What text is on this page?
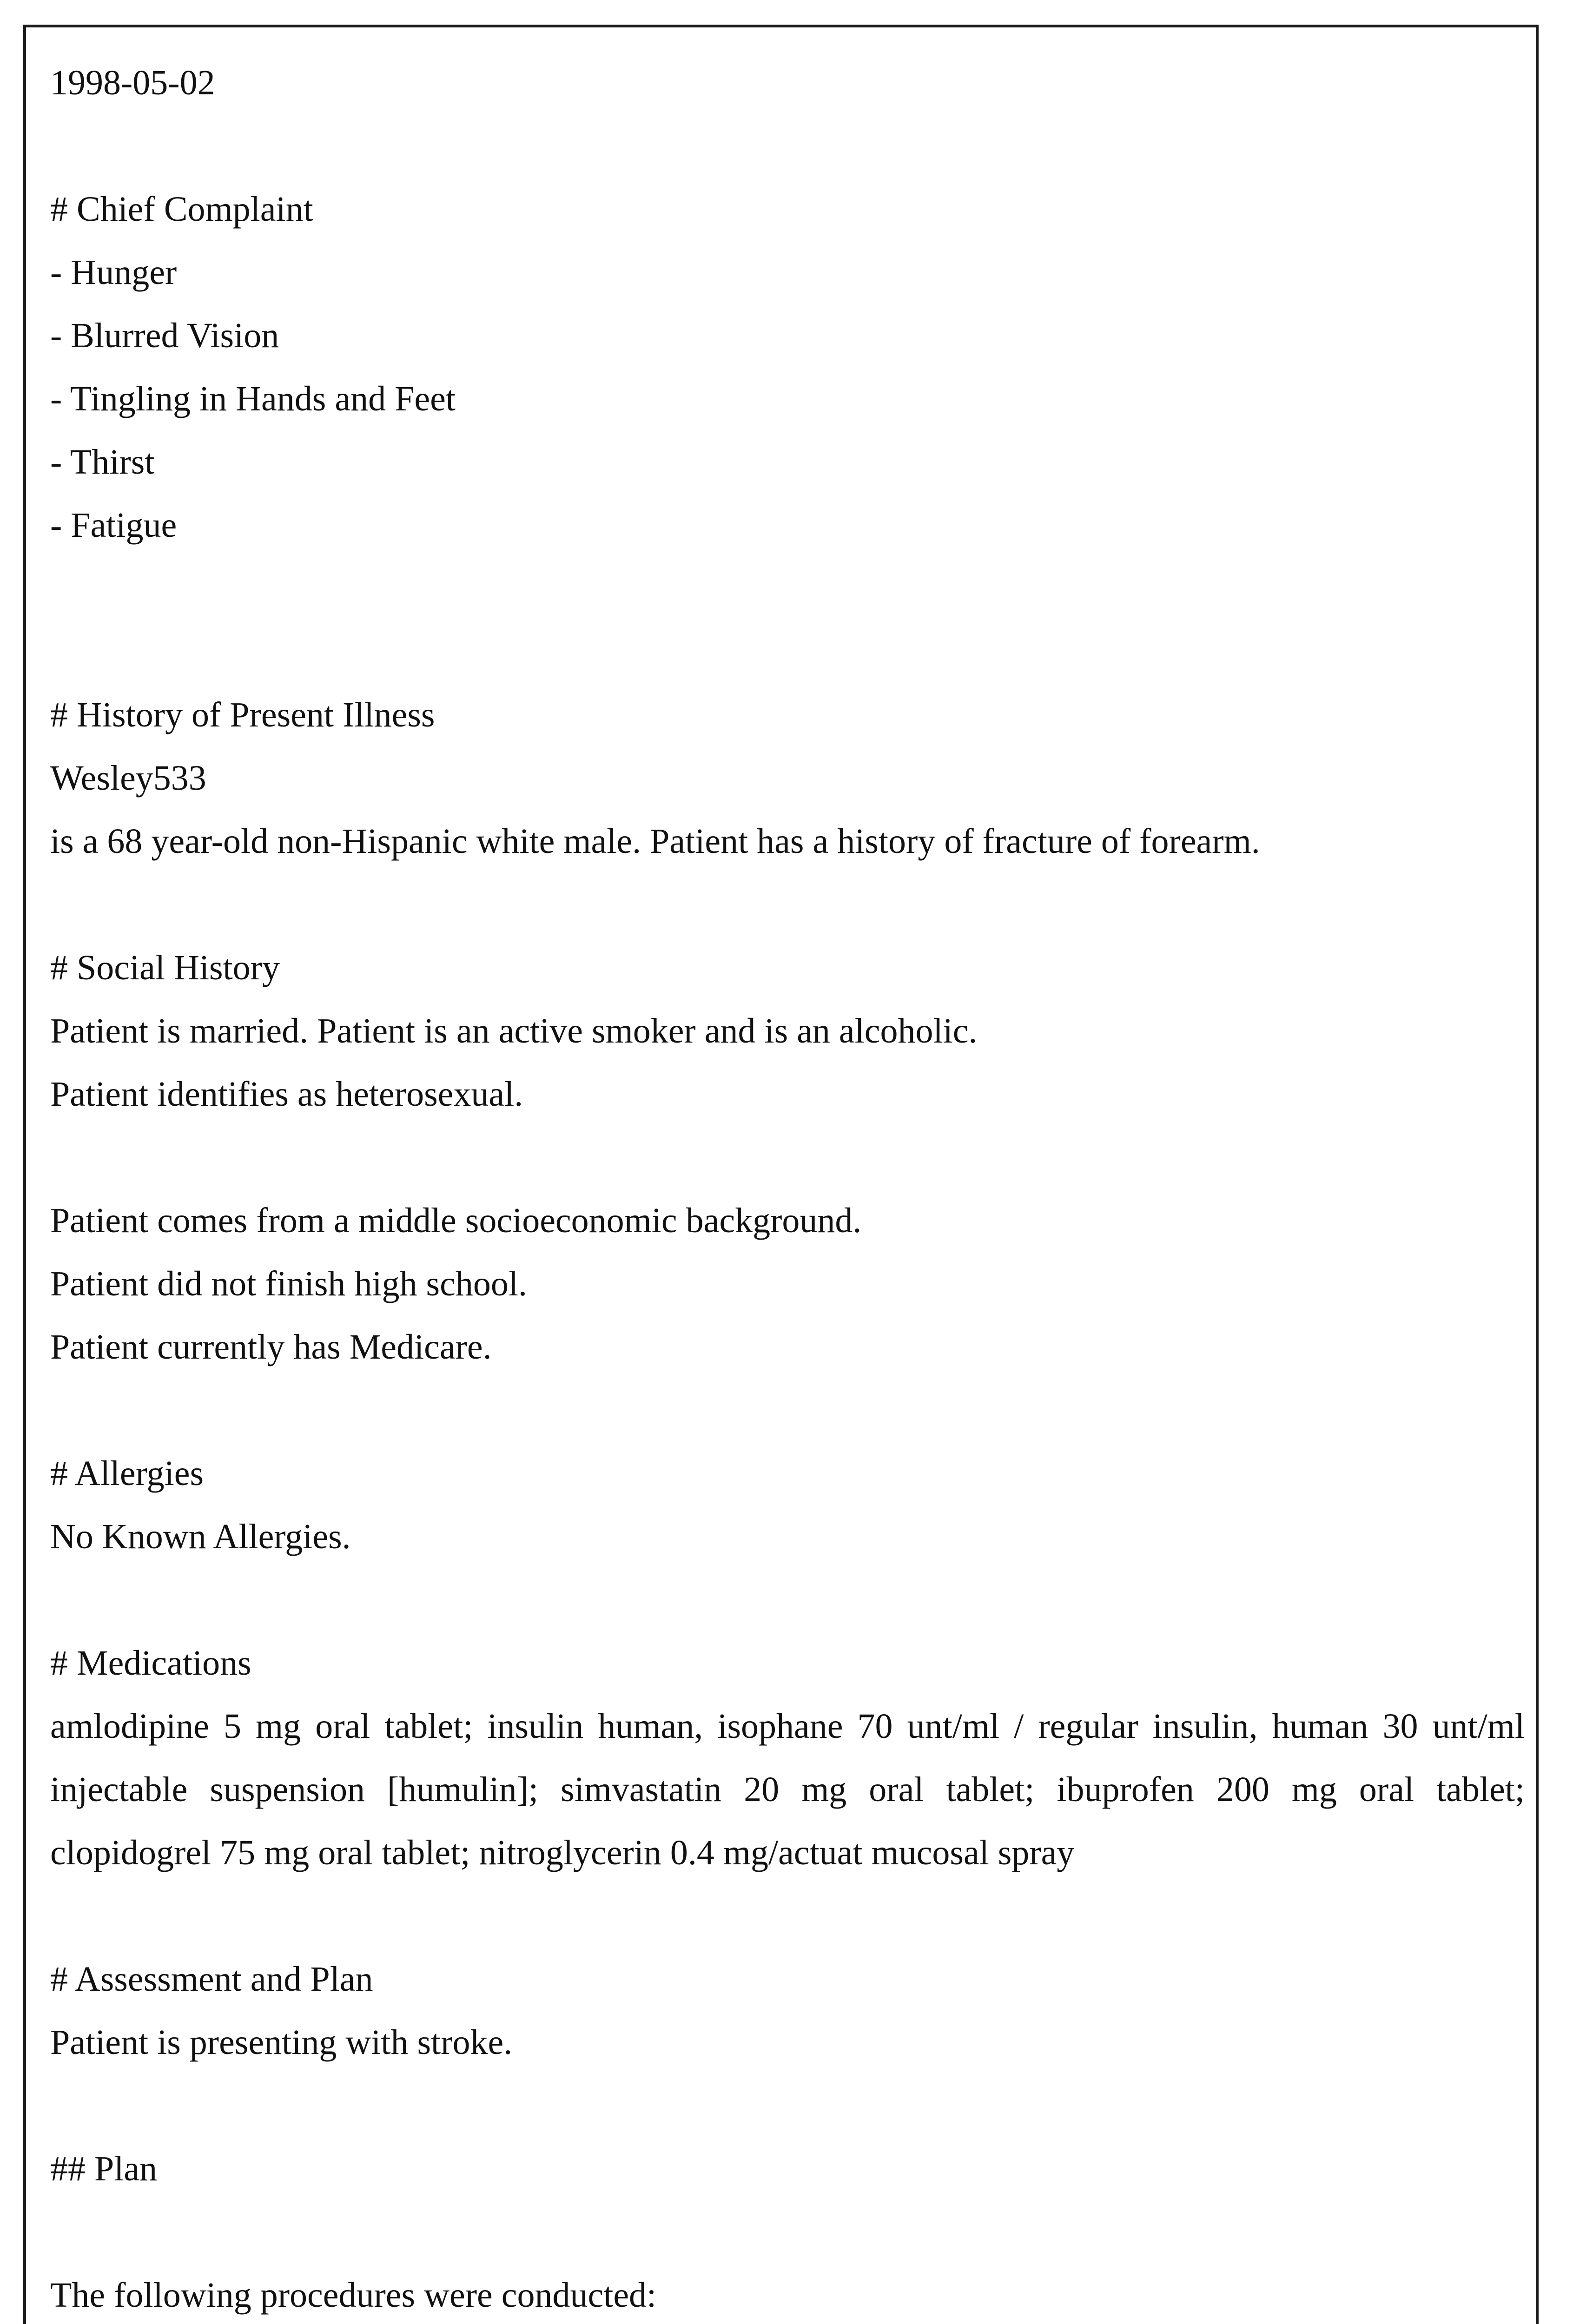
1998-05-02
# Chief Complaint
- Hunger
- Blurred Vision
- Tingling in Hands and Feet
- Thirst
- Fatigue
# History of Present Illness
Wesley533
is a 68 year-old non-Hispanic white male. Patient has a history of fracture of forearm.
# Social History
Patient is married. Patient is an active smoker and is an alcoholic.
Patient identifies as heterosexual.
Patient comes from a middle socioeconomic background.
Patient did not finish high school.
Patient currently has Medicare.
# Allergies
No Known Allergies.
# Medications
amlodipine 5 mg oral tablet; insulin human, isophane 70 unt/ml / regular insulin, human 30 unt/ml injectable suspension [humulin]; simvastatin 20 mg oral tablet; ibuprofen 200 mg oral tablet; clopidogrel 75 mg oral tablet; nitroglycerin 0.4 mg/actuat mucosal spray
# Assessment and Plan
Patient is presenting with stroke.
## Plan
The following procedures were conducted:
